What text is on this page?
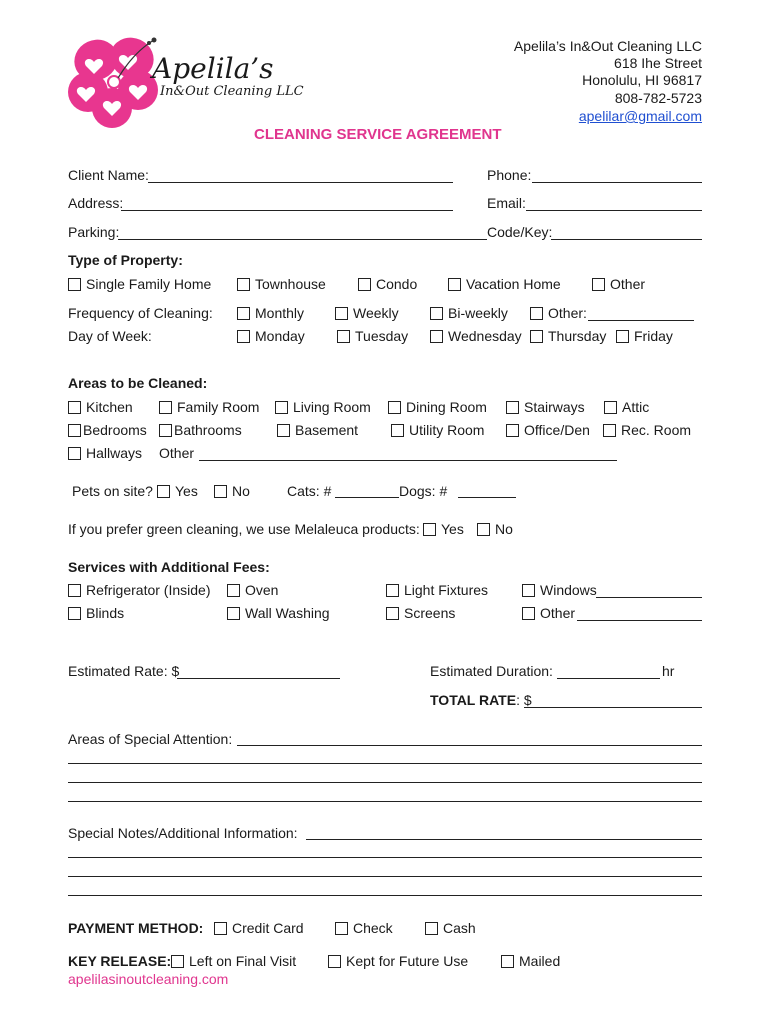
Apelila’s
In&Out Cleaning LLC
Apelila’s In&Out Cleaning LLC
618 Ihe Street
Honolulu, HI 96817
808-782-5723
apelilar@gmail.com
CLEANING SERVICE AGREEMENT
Client Name:	Phone:
Address:	Email:
Parking:	Code/Key:
Type of Property:
Single Family Home	Townhouse	Condo	Vacation Home	Other
Frequency of Cleaning:	Monthly	Weekly	Bi-weekly	Other:
Day of Week:	Monday	Tuesday	Wednesday Thursday Friday
Areas to be Cleaned:
Kitchen	Family Room Living Room	Dining Room	Stairways	Attic
Bedrooms Bathrooms	Basement	Utility Room	Office/Den Rec. Room
Hallways Other
Pets on site? Yes No	Cats: #	Dogs: #
If you prefer green cleaning, we use Melaleuca products: Yes No
Services with Additional Fees:
Refrigerator (Inside) Oven	Light Fixtures	Windows
Blinds	Wall Washing	Screens	Other
Estimated Rate: $	Estimated Duration:	hr
TOTAL RATE: $
Areas of Special Attention:
Special Notes/Additional Information:
PAYMENT METHOD: Credit Card	Check	Cash
KEY RELEASE: Left on Final Visit	Kept for Future Use	Mailed
apelilasinoutcleaning.com
